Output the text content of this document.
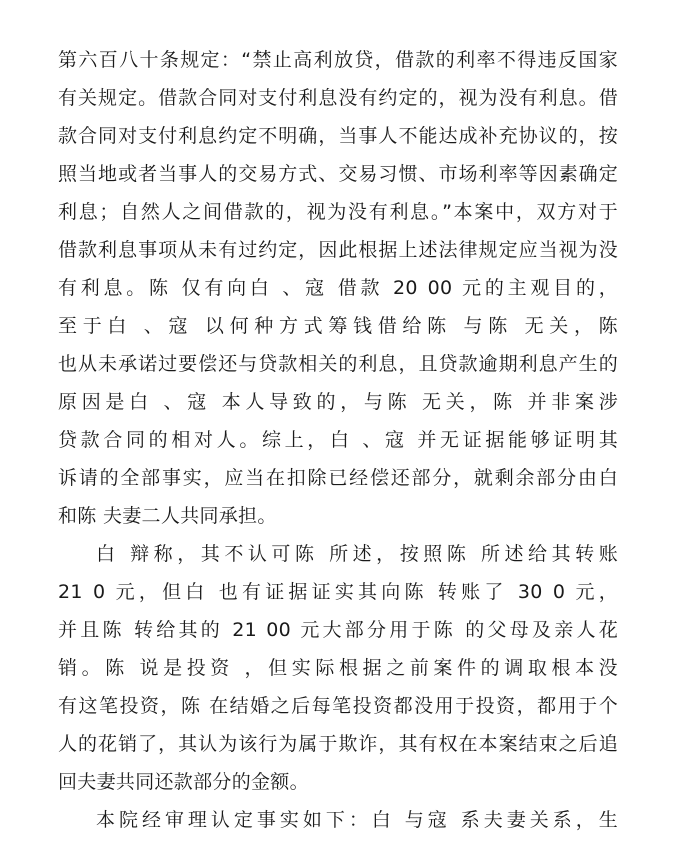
第六百八十条规定：“禁止高利放贷，借款的利率不得违反国家
有关规定。借款合同对支付利息没有约定的，视为没有利息。借
款合同对支付利息约定不明确，当事人不能达成补充协议的，按
照当地或者当事人的交易方式、交易习惯、市场利率等因素确定
利息；自然人之间借款的，视为没有利息。”本案中，双方对于
借款利息事项从未有过约定，因此根据上述法律规定应当视为没
有利息。陈 仅有向白 、寇 借款 20 00 元的主观目的，
至于白 、寇 以何种方式筹钱借给陈 与陈 无关，陈
也从未承诺过要偿还与贷款相关的利息，且贷款逾期利息产生的
原因是白 、寇 本人导致的，与陈 无关，陈 并非案涉
贷款合同的相对人。综上，白 、寇 并无证据能够证明其
诉请的全部事实，应当在扣除已经偿还部分，就剩余部分由白
和陈 夫妻二人共同承担。
白 辩称，其不认可陈 所述，按照陈 所述给其转账
21 0 元，但白 也有证据证实其向陈 转账了 30 0 元，
并且陈 转给其的 21 00 元大部分用于陈 的父母及亲人花
销。陈 说是投资 ，但实际根据之前案件的调取根本没
有这笔投资，陈 在结婚之后每笔投资都没用于投资，都用于个
人的花销了，其认为该行为属于欺诈，其有权在本案结束之后追
回夫妻共同还款部分的金额。
本院经审理认定事实如下：白 与寇 系夫妻关系，生
